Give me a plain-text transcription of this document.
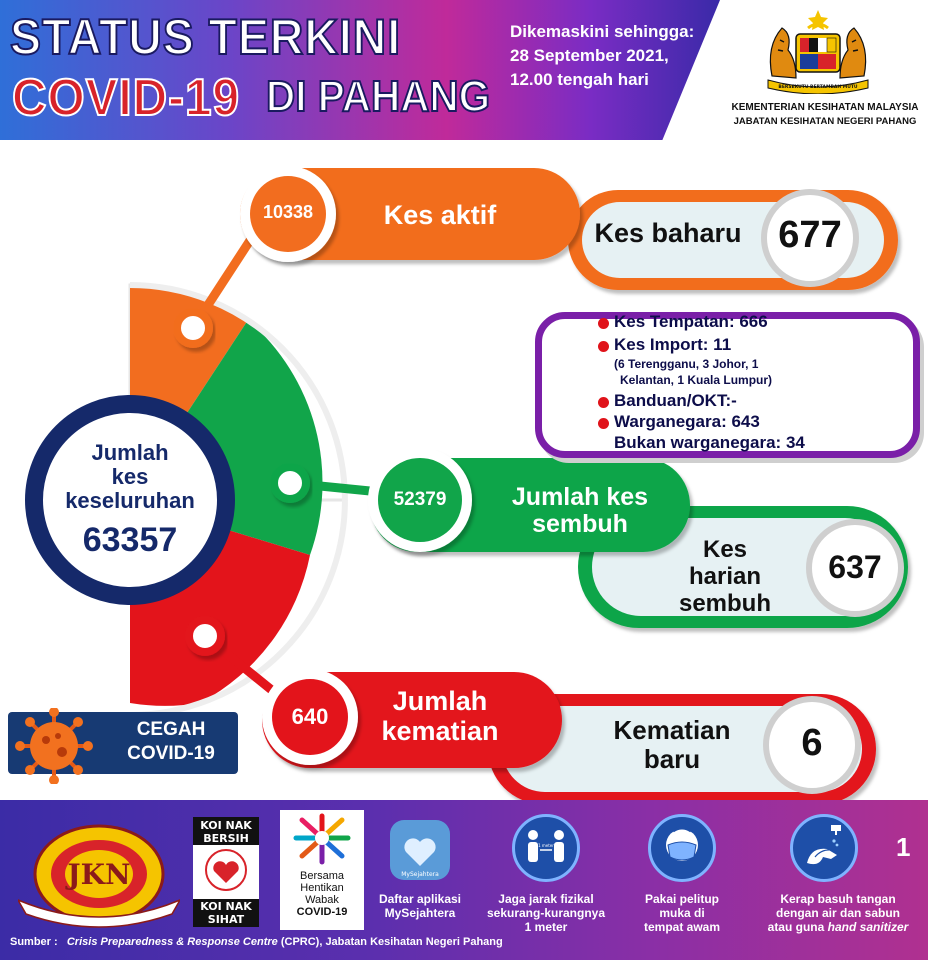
STATUS TERKINI
COVID-19 DI PAHANG
Dikemaskini sehingga:
28 September 2021,
12.00 tengah hari	BERSEKUTU BERTAMBAH MUTU
KEMENTERIAN KESIHATAN MALAYSIA
JABATAN KESIHATAN NEGERI PAHANG
Jumlah
kes
keseluruhan
63357
10338	Kes aktif
Kes baharu 677
Kes Tempatan: 666
Kes Import: 11
(6 Terengganu, 3 Johor, 1
Kelantan, 1 Kuala Lumpur)
Banduan/OKT:-
Warganegara: 643
Bukan warganegara: 34
52379	Jumlah kes
sembuh
Kes
harian
sembuh
637
640
Jumlah
kematian	Kematian
baru	6
CEGAH
COVID-19
JKN
KOI NAK
BERSIH
KOI NAK
SIHAT
Bersama
Hentikan
Wabak
COVID-19
MySejahtera
Daftar aplikasi
MySejahtera
1 meter
Jaga jarak fizikal
sekurang-kurangnya
1 meter
Pakai pelitup
muka di
tempat awam
Kerap basuh tangan
dengan air dan sabun
atau guna hand sanitizer
1
Sumber : Crisis Preparedness & Response Centre (CPRC), Jabatan Kesihatan Negeri Pahang
